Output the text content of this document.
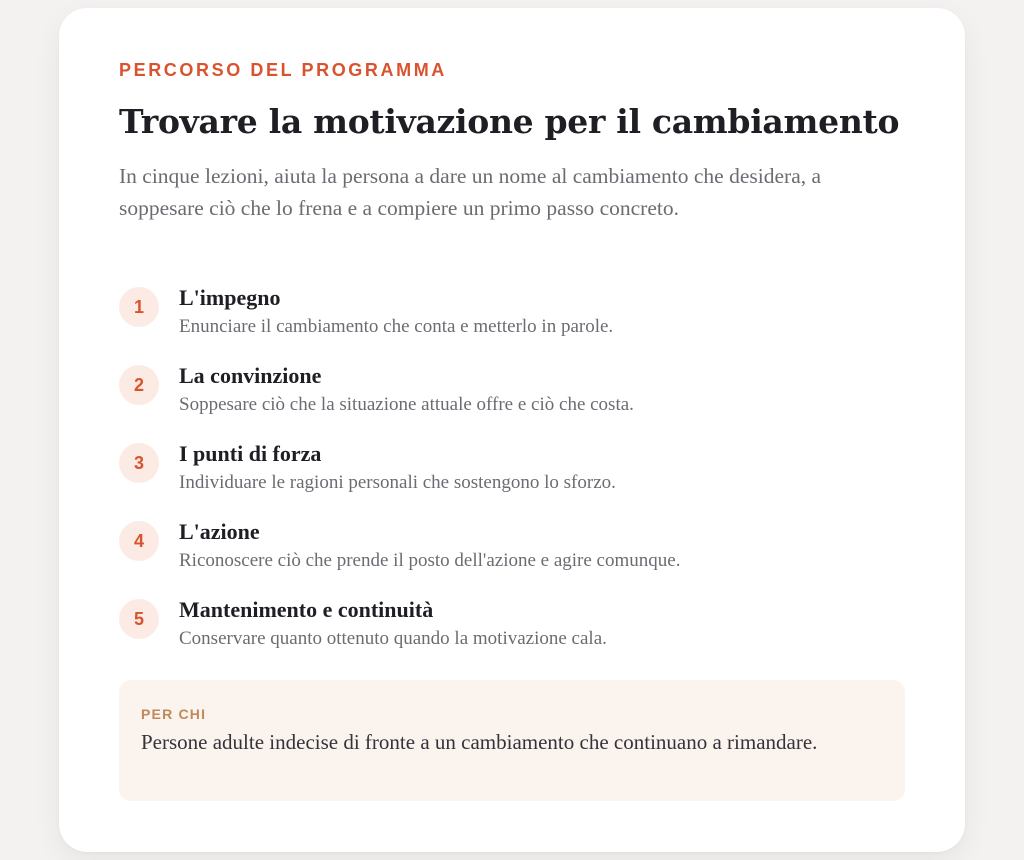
PERCORSO DEL PROGRAMMA
Trovare la motivazione per il cambiamento

In cinque lezioni, aiuta la persona a dare un nome al cambiamento che desidera, a soppesare ciò che lo frena e a compiere un primo passo concreto.

1	L'impegno
Enunciare il cambiamento che conta e metterlo in parole.
2	La convinzione
Soppesare ciò che la situazione attuale offre e ciò che costa.
3	I punti di forza
Individuare le ragioni personali che sostengono lo sforzo.
4	L'azione
Riconoscere ciò che prende il posto dell'azione e agire comunque.
5	Mantenimento e continuità
Conservare quanto ottenuto quando la motivazione cala.
PER CHI

Persone adulte indecise di fronte a un cambiamento che continuano a rimandare.
